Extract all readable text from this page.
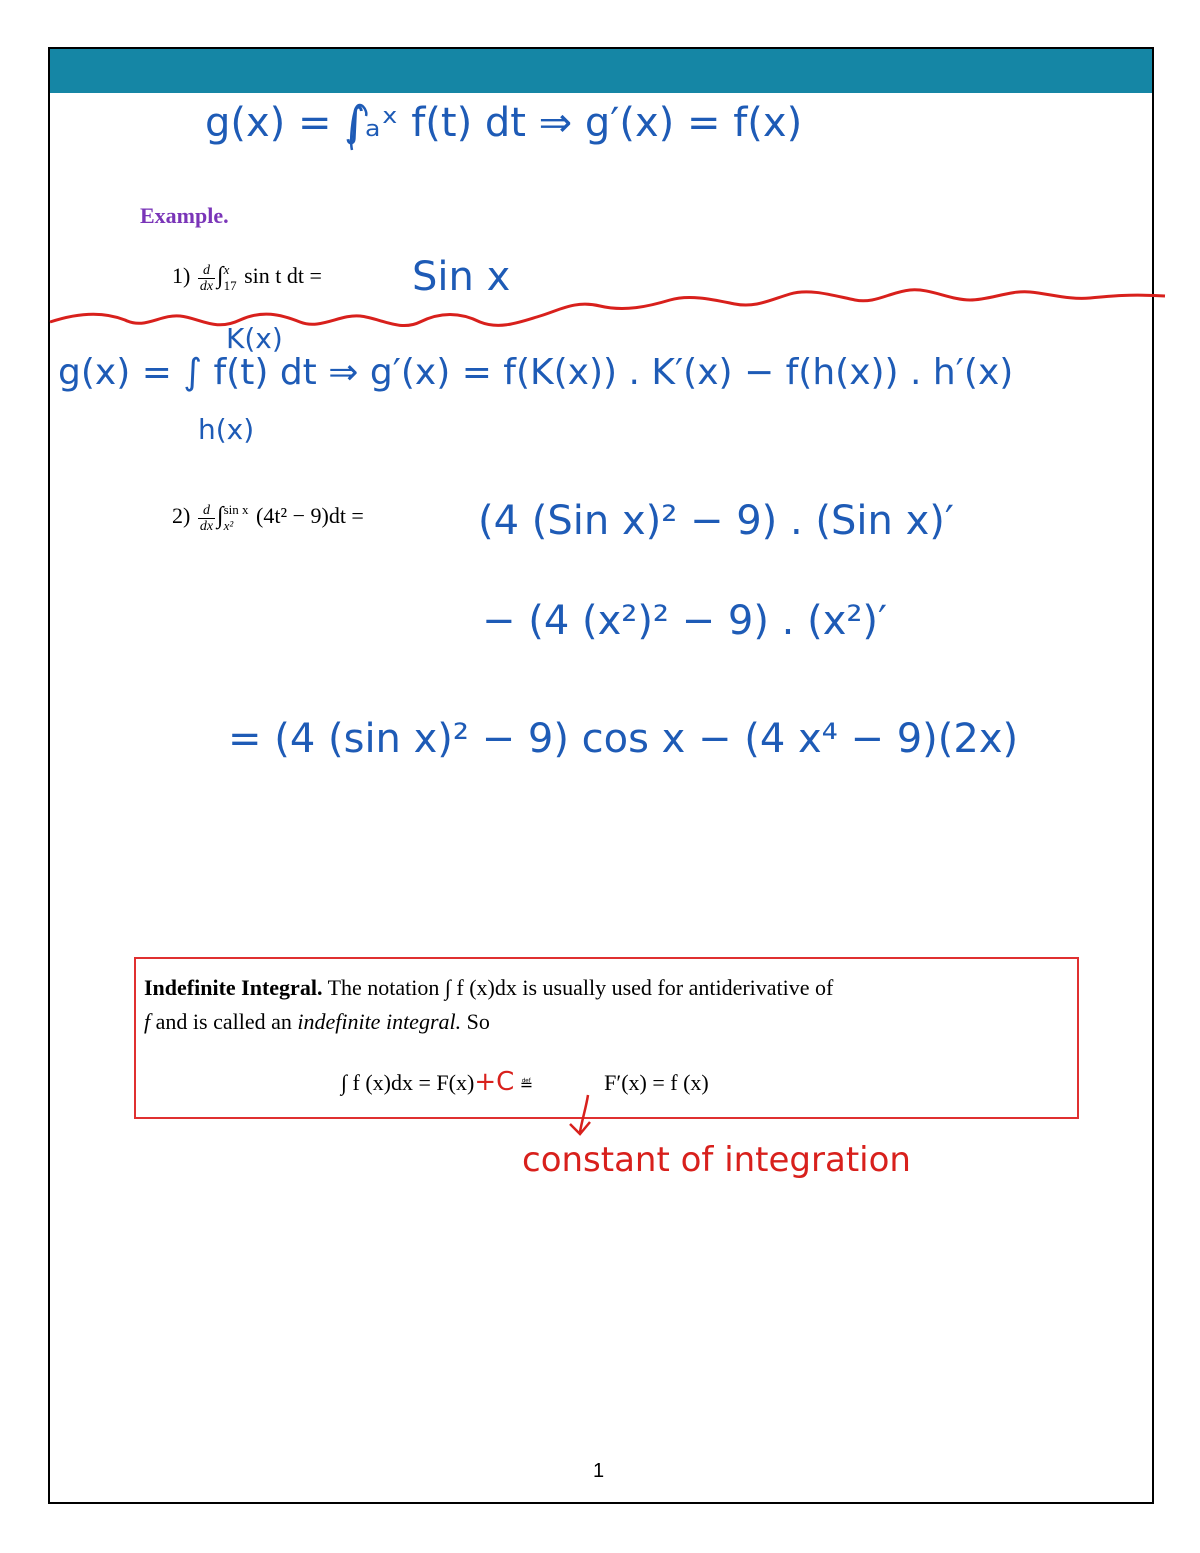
g(x) = ∫ₐˣ f(t) dt ⇒ g′(x) = f(x)
Example.
$1) \frac{d}{dx} \int x$
17 sin t dt = Sin x
K(x)
g(x) = ∫ f(t) dt ⇒ g′(x) = f(K(x)) . K′(x) − f(h(x)) . h′(x)
h(x)
$2) \frac{d}{dx}$ ∫ sin x
x² (4t² − 9)dt =	(4 (Sin x)² − 9) . (Sin x)′
− (4 (x²)² − 9) . (x²)′
= (4 (sin x)² − 9) cos x − (4 x⁴ − 9)(2x)
Indefinite Integral. The notation ∫ f (x)dx is usually used for antiderivative of
f and is called an indefinite integral. So
∫ f (x)dx = F(x)+C ≝	F′(x) = f (x)
constant of integration
1
